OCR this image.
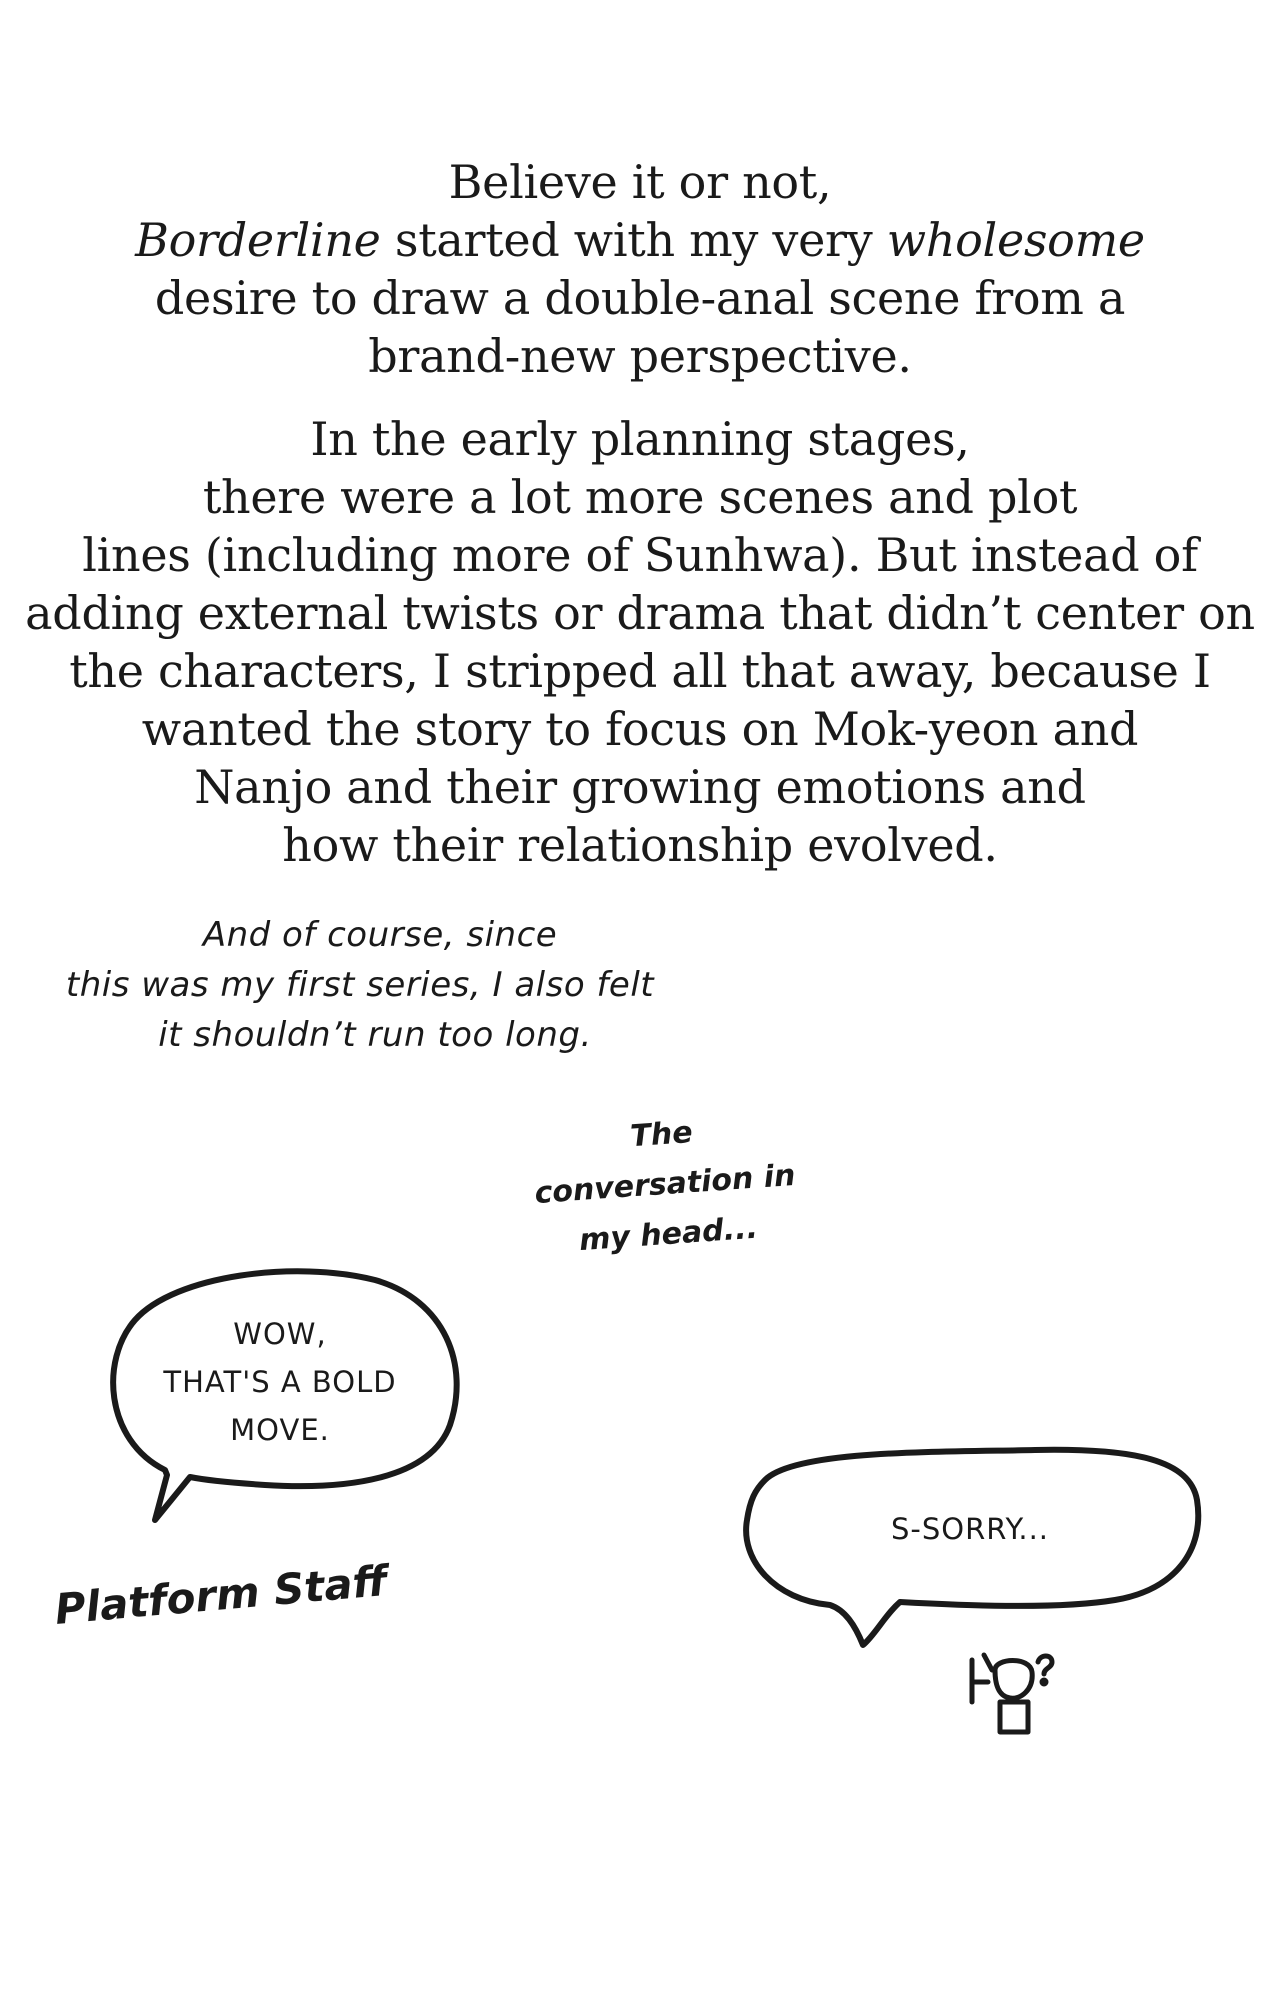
Believe it or not,
Borderline started with my very wholesome
desire to draw a double-anal scene from a
brand-new perspective.
In the early planning stages,
there were a lot more scenes and plot
lines (including more of Sunhwa). But instead of
adding external twists or drama that didn’t center on
the characters, I stripped all that away, because I
wanted the story to focus on Mok-yeon and
Nanjo and their growing emotions and
how their relationship evolved.
And of course, since
this was my first series, I also felt
it shouldn’t run too long.
The
conversation in
my head...
WOW,
THAT'S A BOLD
MOVE.
Platform Staff
S-SORRY...
